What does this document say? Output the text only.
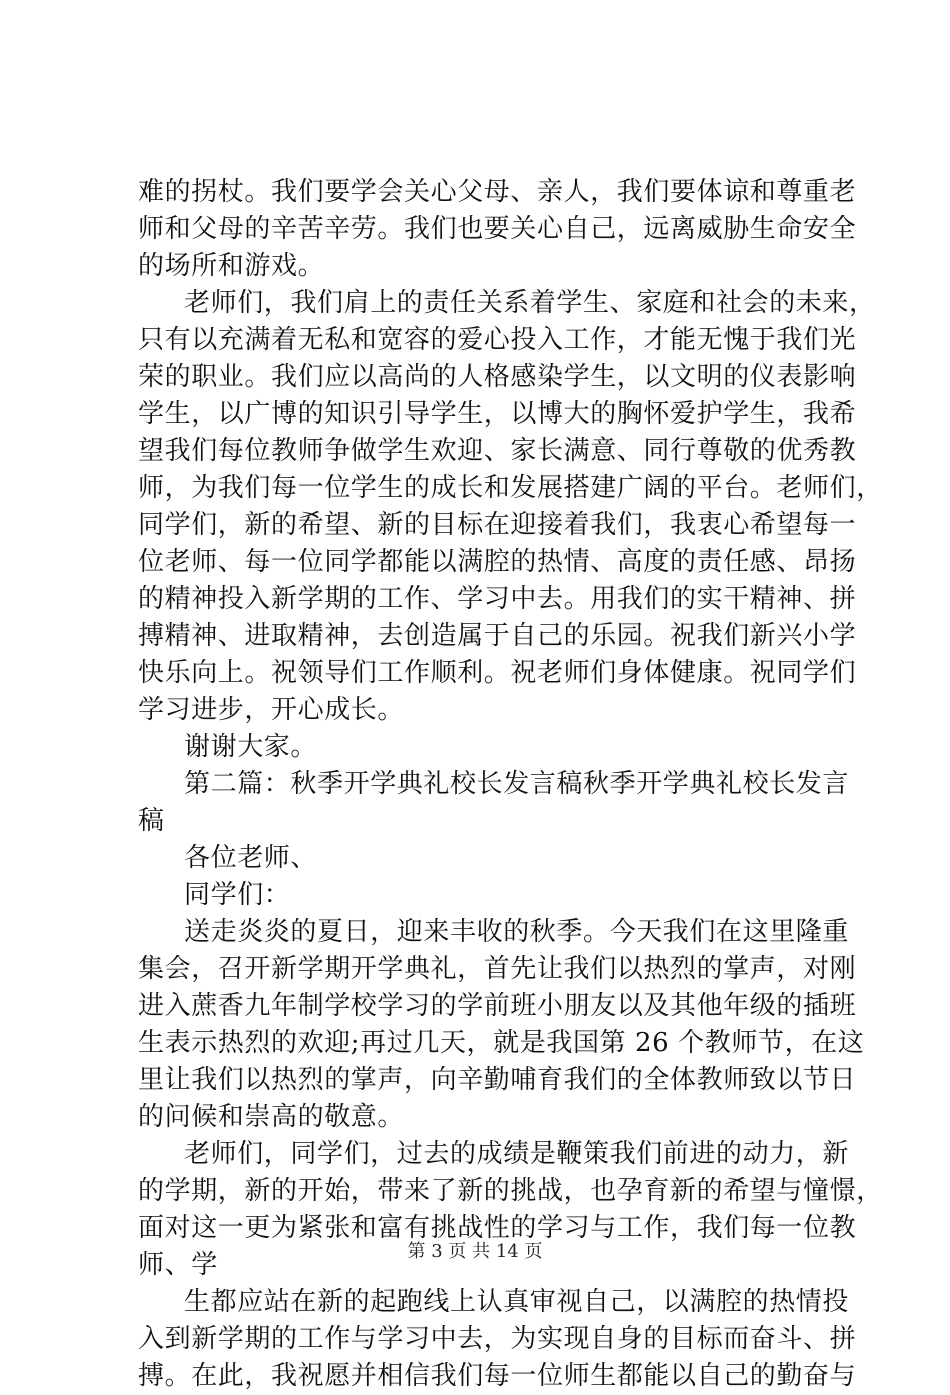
难的拐杖。我们要学会关心父母、亲人，我们要体谅和尊重老
师和父母的辛苦辛劳。我们也要关心自己，远离威胁生命安全
的场所和游戏。
老师们，我们肩上的责任关系着学生、家庭和社会的未来，
只有以充满着无私和宽容的爱心投入工作，才能无愧于我们光
荣的职业。我们应以高尚的人格感染学生，以文明的仪表影响
学生，以广博的知识引导学生，以博大的胸怀爱护学生，我希
望我们每位教师争做学生欢迎、家长满意、同行尊敬的优秀教
师，为我们每一位学生的成长和发展搭建广阔的平台。老师们，
同学们，新的希望、新的目标在迎接着我们，我衷心希望每一
位老师、每一位同学都能以满腔的热情、高度的责任感、昂扬
的精神投入新学期的工作、学习中去。用我们的实干精神、拼
搏精神、进取精神，去创造属于自己的乐园。祝我们新兴小学
快乐向上。祝领导们工作顺利。祝老师们身体健康。祝同学们
学习进步，开心成长。
谢谢大家。
第二篇：秋季开学典礼校长发言稿秋季开学典礼校长发言
稿
各位老师、
同学们：
送走炎炎的夏日，迎来丰收的秋季。今天我们在这里隆重
集会，召开新学期开学典礼，首先让我们以热烈的掌声，对刚
进入蔗香九年制学校学习的学前班小朋友以及其他年级的插班
生表示热烈的欢迎;再过几天，就是我国第 26 个教师节，在这
里让我们以热烈的掌声，向辛勤哺育我们的全体教师致以节日
的问候和崇高的敬意。
老师们，同学们，过去的成绩是鞭策我们前进的动力，新
的学期，新的开始，带来了新的挑战，也孕育新的希望与憧憬，
面对这一更为紧张和富有挑战性的学习与工作，我们每一位教
师、学
生都应站在新的起跑线上认真审视自己，以满腔的热情投
入到新学期的工作与学习中去，为实现自身的目标而奋斗、拼
搏。在此，我祝愿并相信我们每一位师生都能以自己的勤奋与
第 3 页 共 14 页
